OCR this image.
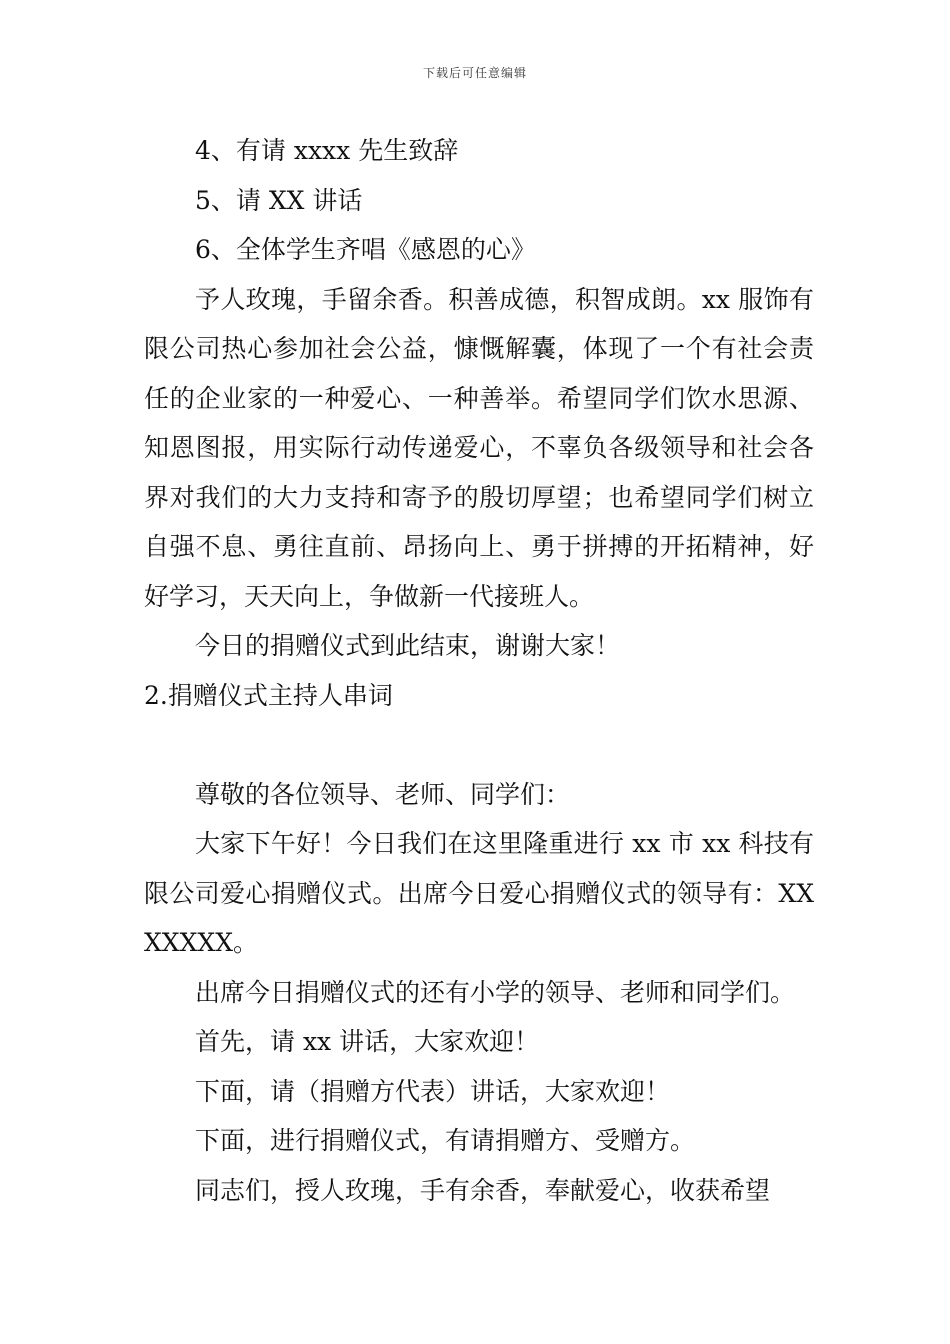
下载后可任意编辑
4、有请 xxxx 先生致辞
5、请 XX 讲话
6、全体学生齐唱《感恩的心》
予人玫瑰，手留余香。积善成德，积智成朗。xx 服饰有限公司热心参加社会公益，慷慨解囊，体现了一个有社会责任的企业家的一种爱心、一种善举。希望同学们饮水思源、知恩图报，用实际行动传递爱心，不辜负各级领导和社会各界对我们的大力支持和寄予的殷切厚望；也希望同学们树立自强不息、勇往直前、昂扬向上、勇于拼搏的开拓精神，好好学习，天天向上，争做新一代接班人。
今日的捐赠仪式到此结束，谢谢大家！
2.捐赠仪式主持人串词
尊敬的各位领导、老师、同学们：
大家下午好！今日我们在这里隆重进行 xx 市 xx 科技有限公司爱心捐赠仪式。出席今日爱心捐赠仪式的领导有：XXXXXXX。
出席今日捐赠仪式的还有小学的领导、老师和同学们。
首先，请 xx 讲话，大家欢迎！
下面，请（捐赠方代表）讲话，大家欢迎！
下面，进行捐赠仪式，有请捐赠方、受赠方。
同志们，授人玫瑰，手有余香，奉献爱心，收获希望
